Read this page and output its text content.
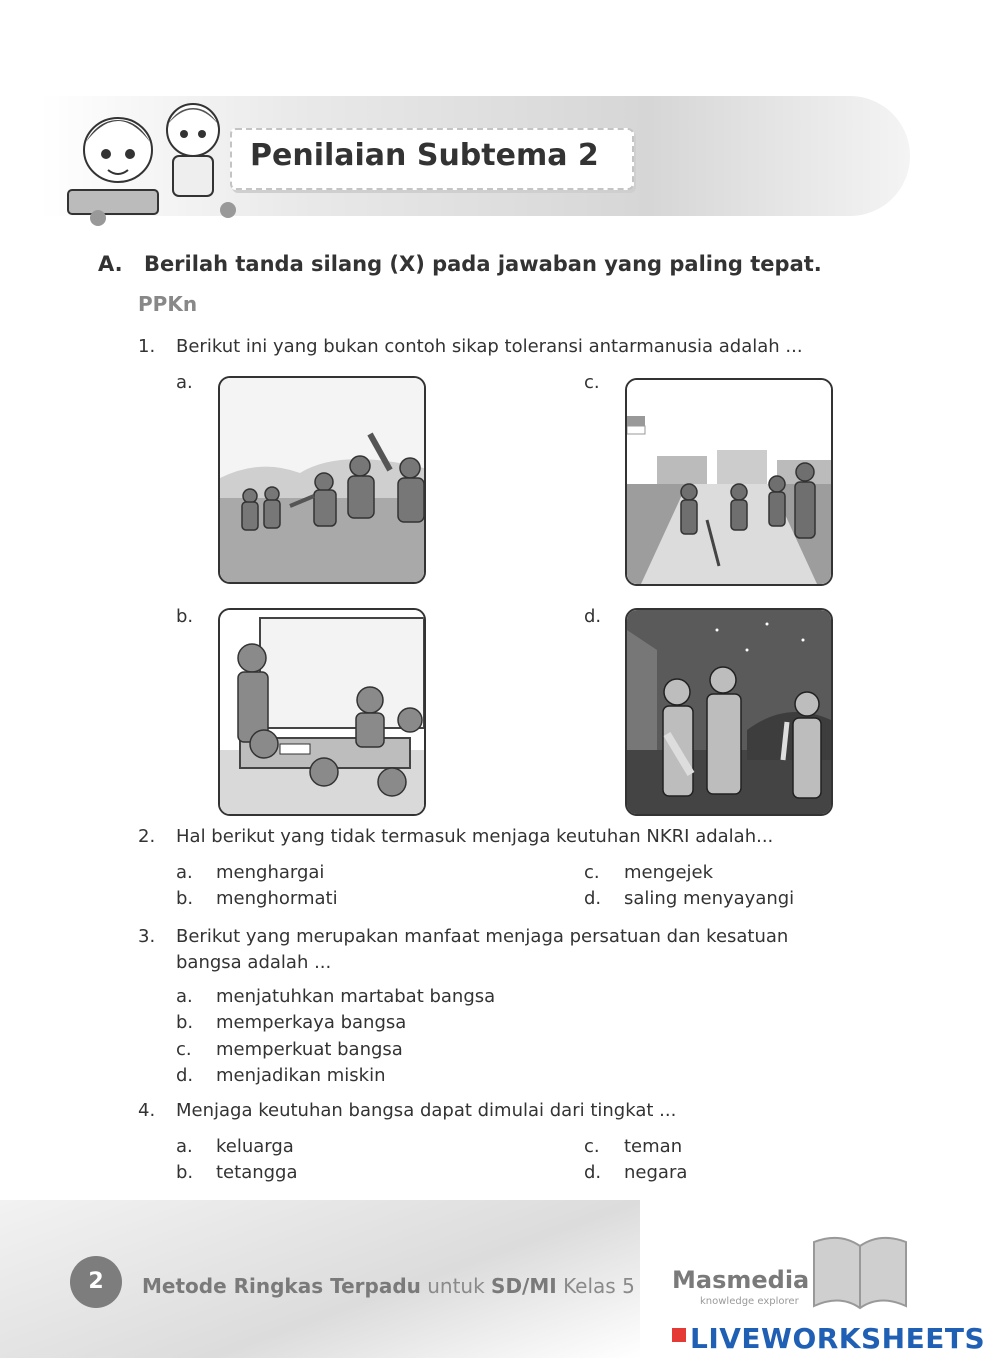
Penilaian Subtema 2
A. Berilah tanda silang (X) pada jawaban yang paling tepat.
PPKn
1. Berikut ini yang bukan contoh sikap toleransi antarmanusia adalah ...
a.	c.
b.	d.
2. Hal berikut yang tidak termasuk menjaga keutuhan NKRI adalah...
a. menghargai
b. menghormati
c. mengejek
d. saling menyayangi
3. Berikut yang merupakan manfaat menjaga persatuan dan kesatuan
bangsa adalah ...
a. menjatuhkan martabat bangsa
b. memperkaya bangsa
c. memperkuat bangsa
d. menjadikan miskin
4. Menjaga keutuhan bangsa dapat dimulai dari tingkat ...
a. keluarga
b. tetangga
c. teman
d. negara
2	Metode Ringkas Terpadu untuk SD/MI Kelas 5 Masmedia
knowledge explorer
LIVEWORKSHEETS
